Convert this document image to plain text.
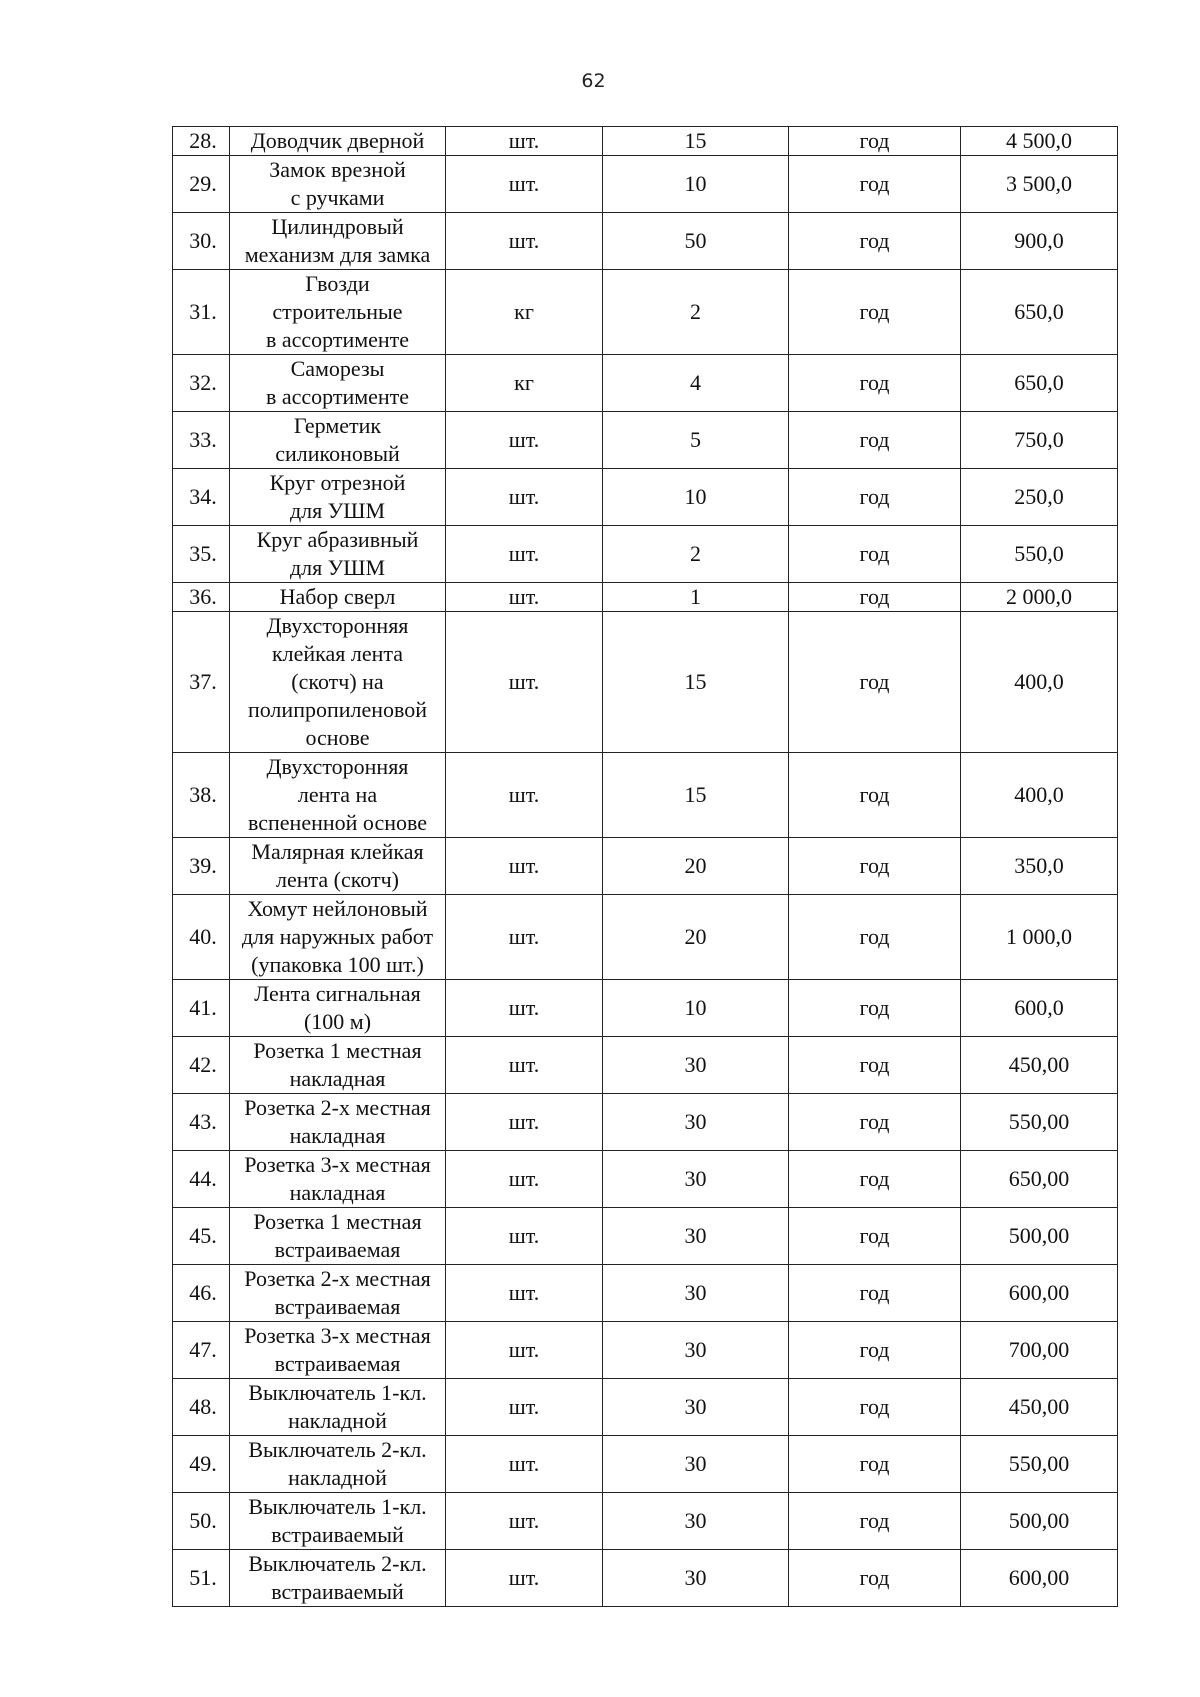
62
28.	Доводчик дверной	шт.	15	год	4 500,0
29.	Замок врезной
с ручками	шт.	10	год	3 500,0
30.	Цилиндровый
механизм для замка	шт.	50	год	900,0
31.	Гвозди
строительные
в ассортименте	кг	2	год	650,0
32.	Саморезы
в ассортименте	кг	4	год	650,0
33.	Герметик
силиконовый	шт.	5	год	750,0
34.	Круг отрезной
для УШМ	шт.	10	год	250,0
35.	Круг абразивный
для УШМ	шт.	2	год	550,0
36.	Набор сверл	шт.	1	год	2 000,0
37.	Двухсторонняя
клейкая лента
(скотч) на
полипропиленовой
основе	шт.	15	год	400,0
38.	Двухсторонняя
лента на
вспененной основе	шт.	15	год	400,0
39.	Малярная клейкая
лента (скотч)	шт.	20	год	350,0
40.	Хомут нейлоновый
для наружных работ
(упаковка 100 шт.)	шт.	20	год	1 000,0
41.	Лента сигнальная
(100 м)	шт.	10	год	600,0
42.	Розетка 1 местная
накладная	шт.	30	год	450,00
43.	Розетка 2-х местная
накладная	шт.	30	год	550,00
44.	Розетка 3-х местная
накладная	шт.	30	год	650,00
45.	Розетка 1 местная
встраиваемая	шт.	30	год	500,00
46.	Розетка 2-х местная
встраиваемая	шт.	30	год	600,00
47.	Розетка 3-х местная
встраиваемая	шт.	30	год	700,00
48.	Выключатель 1-кл.
накладной	шт.	30	год	450,00
49.	Выключатель 2-кл.
накладной	шт.	30	год	550,00
50.	Выключатель 1-кл.
встраиваемый	шт.	30	год	500,00
51.	Выключатель 2-кл.
встраиваемый	шт.	30	год	600,00
